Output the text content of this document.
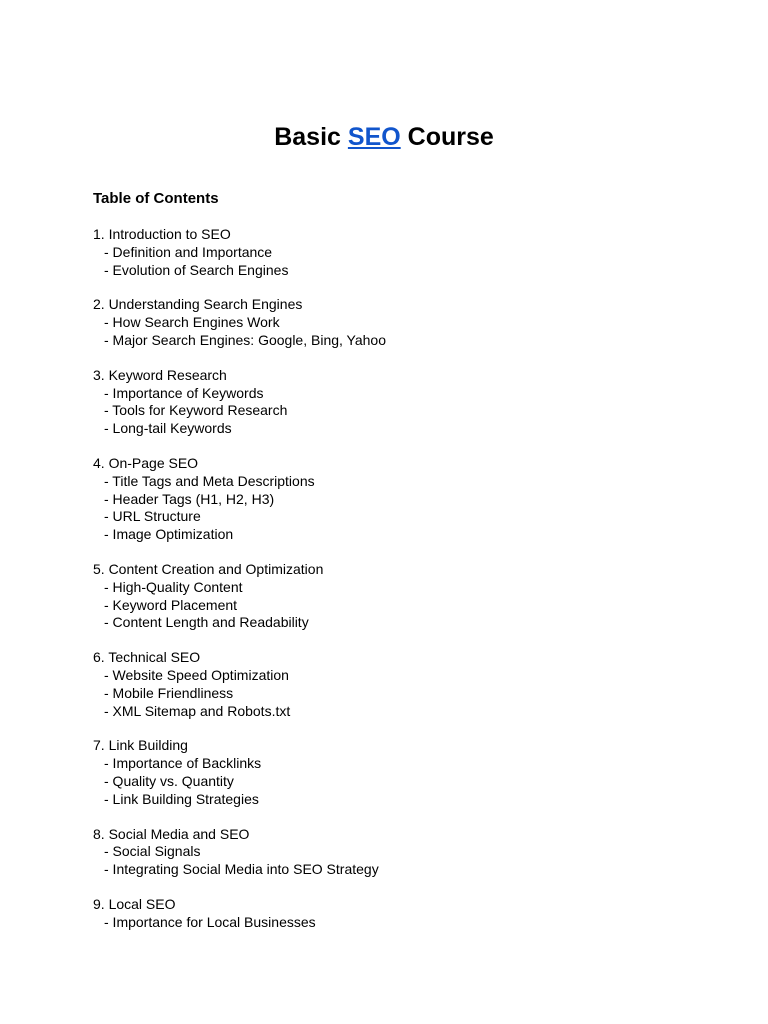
Basic SEO Course
Table of Contents
1. Introduction to SEO
- Definition and Importance
- Evolution of Search Engines
2. Understanding Search Engines
- How Search Engines Work
- Major Search Engines: Google, Bing, Yahoo
3. Keyword Research
- Importance of Keywords
- Tools for Keyword Research
- Long-tail Keywords
4. On-Page SEO
- Title Tags and Meta Descriptions
- Header Tags (H1, H2, H3)
- URL Structure
- Image Optimization
5. Content Creation and Optimization
- High-Quality Content
- Keyword Placement
- Content Length and Readability
6. Technical SEO
- Website Speed Optimization
- Mobile Friendliness
- XML Sitemap and Robots.txt
7. Link Building
- Importance of Backlinks
- Quality vs. Quantity
- Link Building Strategies
8. Social Media and SEO
- Social Signals
- Integrating Social Media into SEO Strategy
9. Local SEO
- Importance for Local Businesses
